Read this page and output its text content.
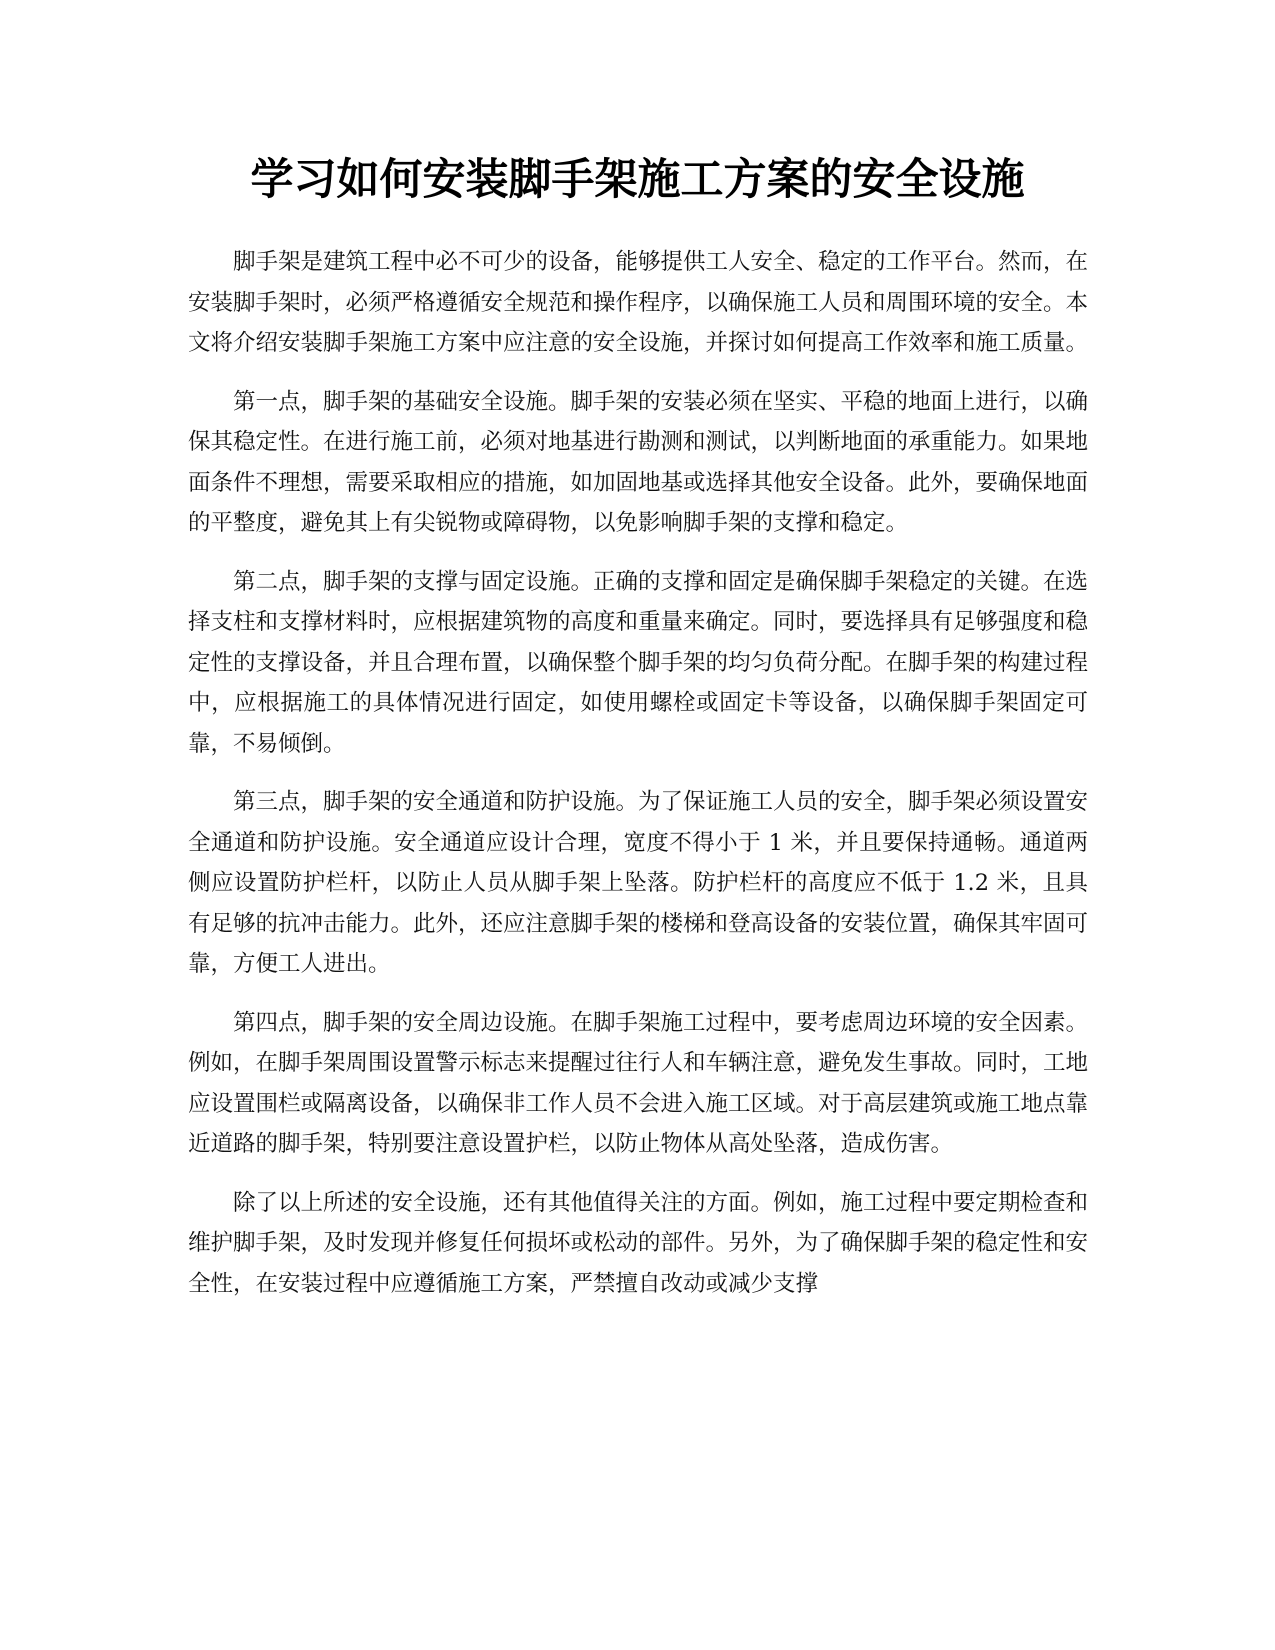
学习如何安装脚手架施工方案的安全设施

脚手架是建筑工程中必不可少的设备，能够提供工人安全、稳定的工作平台。然而，在安装脚手架时，必须严格遵循安全规范和操作程序，以确保施工人员和周围环境的安全。本文将介绍安装脚手架施工方案中应注意的安全设施，并探讨如何提高工作效率和施工质量。

第一点，脚手架的基础安全设施。脚手架的安装必须在坚实、平稳的地面上进行，以确保其稳定性。在进行施工前，必须对地基进行勘测和测试，以判断地面的承重能力。如果地面条件不理想，需要采取相应的措施，如加固地基或选择其他安全设备。此外，要确保地面的平整度，避免其上有尖锐物或障碍物，以免影响脚手架的支撑和稳定。

第二点，脚手架的支撑与固定设施。正确的支撑和固定是确保脚手架稳定的关键。在选择支柱和支撑材料时，应根据建筑物的高度和重量来确定。同时，要选择具有足够强度和稳定性的支撑设备，并且合理布置，以确保整个脚手架的均匀负荷分配。在脚手架的构建过程中，应根据施工的具体情况进行固定，如使用螺栓或固定卡等设备，以确保脚手架固定可靠，不易倾倒。

第三点，脚手架的安全通道和防护设施。为了保证施工人员的安全，脚手架必须设置安全通道和防护设施。安全通道应设计合理，宽度不得小于 1 米，并且要保持通畅。通道两侧应设置防护栏杆，以防止人员从脚手架上坠落。防护栏杆的高度应不低于 1.2 米，且具有足够的抗冲击能力。此外，还应注意脚手架的楼梯和登高设备的安装位置，确保其牢固可靠，方便工人进出。

第四点，脚手架的安全周边设施。在脚手架施工过程中，要考虑周边环境的安全因素。例如，在脚手架周围设置警示标志来提醒过往行人和车辆注意，避免发生事故。同时，工地应设置围栏或隔离设备，以确保非工作人员不会进入施工区域。对于高层建筑或施工地点靠近道路的脚手架，特别要注意设置护栏，以防止物体从高处坠落，造成伤害。

除了以上所述的安全设施，还有其他值得关注的方面。例如，施工过程中要定期检查和维护脚手架，及时发现并修复任何损坏或松动的部件。另外，为了确保脚手架的稳定性和安全性，在安装过程中应遵循施工方案，严禁擅自改动或减少支撑
